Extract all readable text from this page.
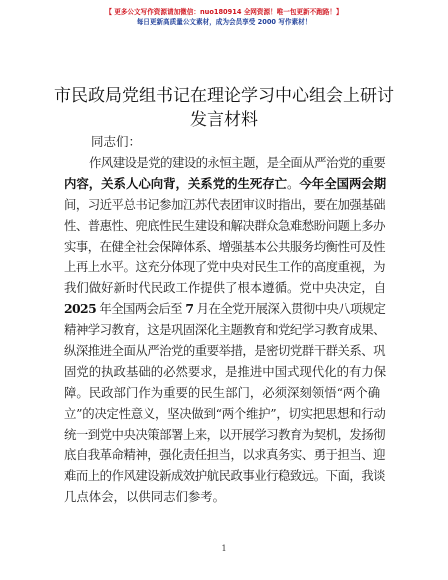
【 更多公文写作资源请加微信：nuo180914 全网资源！唯一包更新不跑路！】
每日更新高质量公文素材，成为会员享受 2000 写作素材！
市民政局党组书记在理论学习中心组会上研讨
发言材料
同志们：
作风建设是党的建设的永恒主题，是全面从严治党的重要
内容，关系人心向背，关系党的生死存亡。今年全国两会期
间，习近平总书记参加江苏代表团审议时指出，要在加强基础
性、普惠性、兜底性民生建设和解决群众急难愁盼问题上多办
实事，在健全社会保障体系、增强基本公共服务均衡性可及性
上再上水平。这充分体现了党中央对民生工作的高度重视，为
我们做好新时代民政工作提供了根本遵循。党中央决定，自
2025 年全国两会后至 7 月在全党开展深入贯彻中央八项规定
精神学习教育，这是巩固深化主题教育和党纪学习教育成果、
纵深推进全面从严治党的重要举措，是密切党群干群关系、巩
固党的执政基础的必然要求，是推进中国式现代化的有力保
障。民政部门作为重要的民生部门，必须深刻领悟“两个确
立”的决定性意义，坚决做到“两个维护”，切实把思想和行动
统一到党中央决策部署上来，以开展学习教育为契机，发扬彻
底自我革命精神，强化责任担当，以求真务实、勇于担当、迎
难而上的作风建设新成效护航民政事业行稳致远。下面，我谈
几点体会，以供同志们参考。
1
